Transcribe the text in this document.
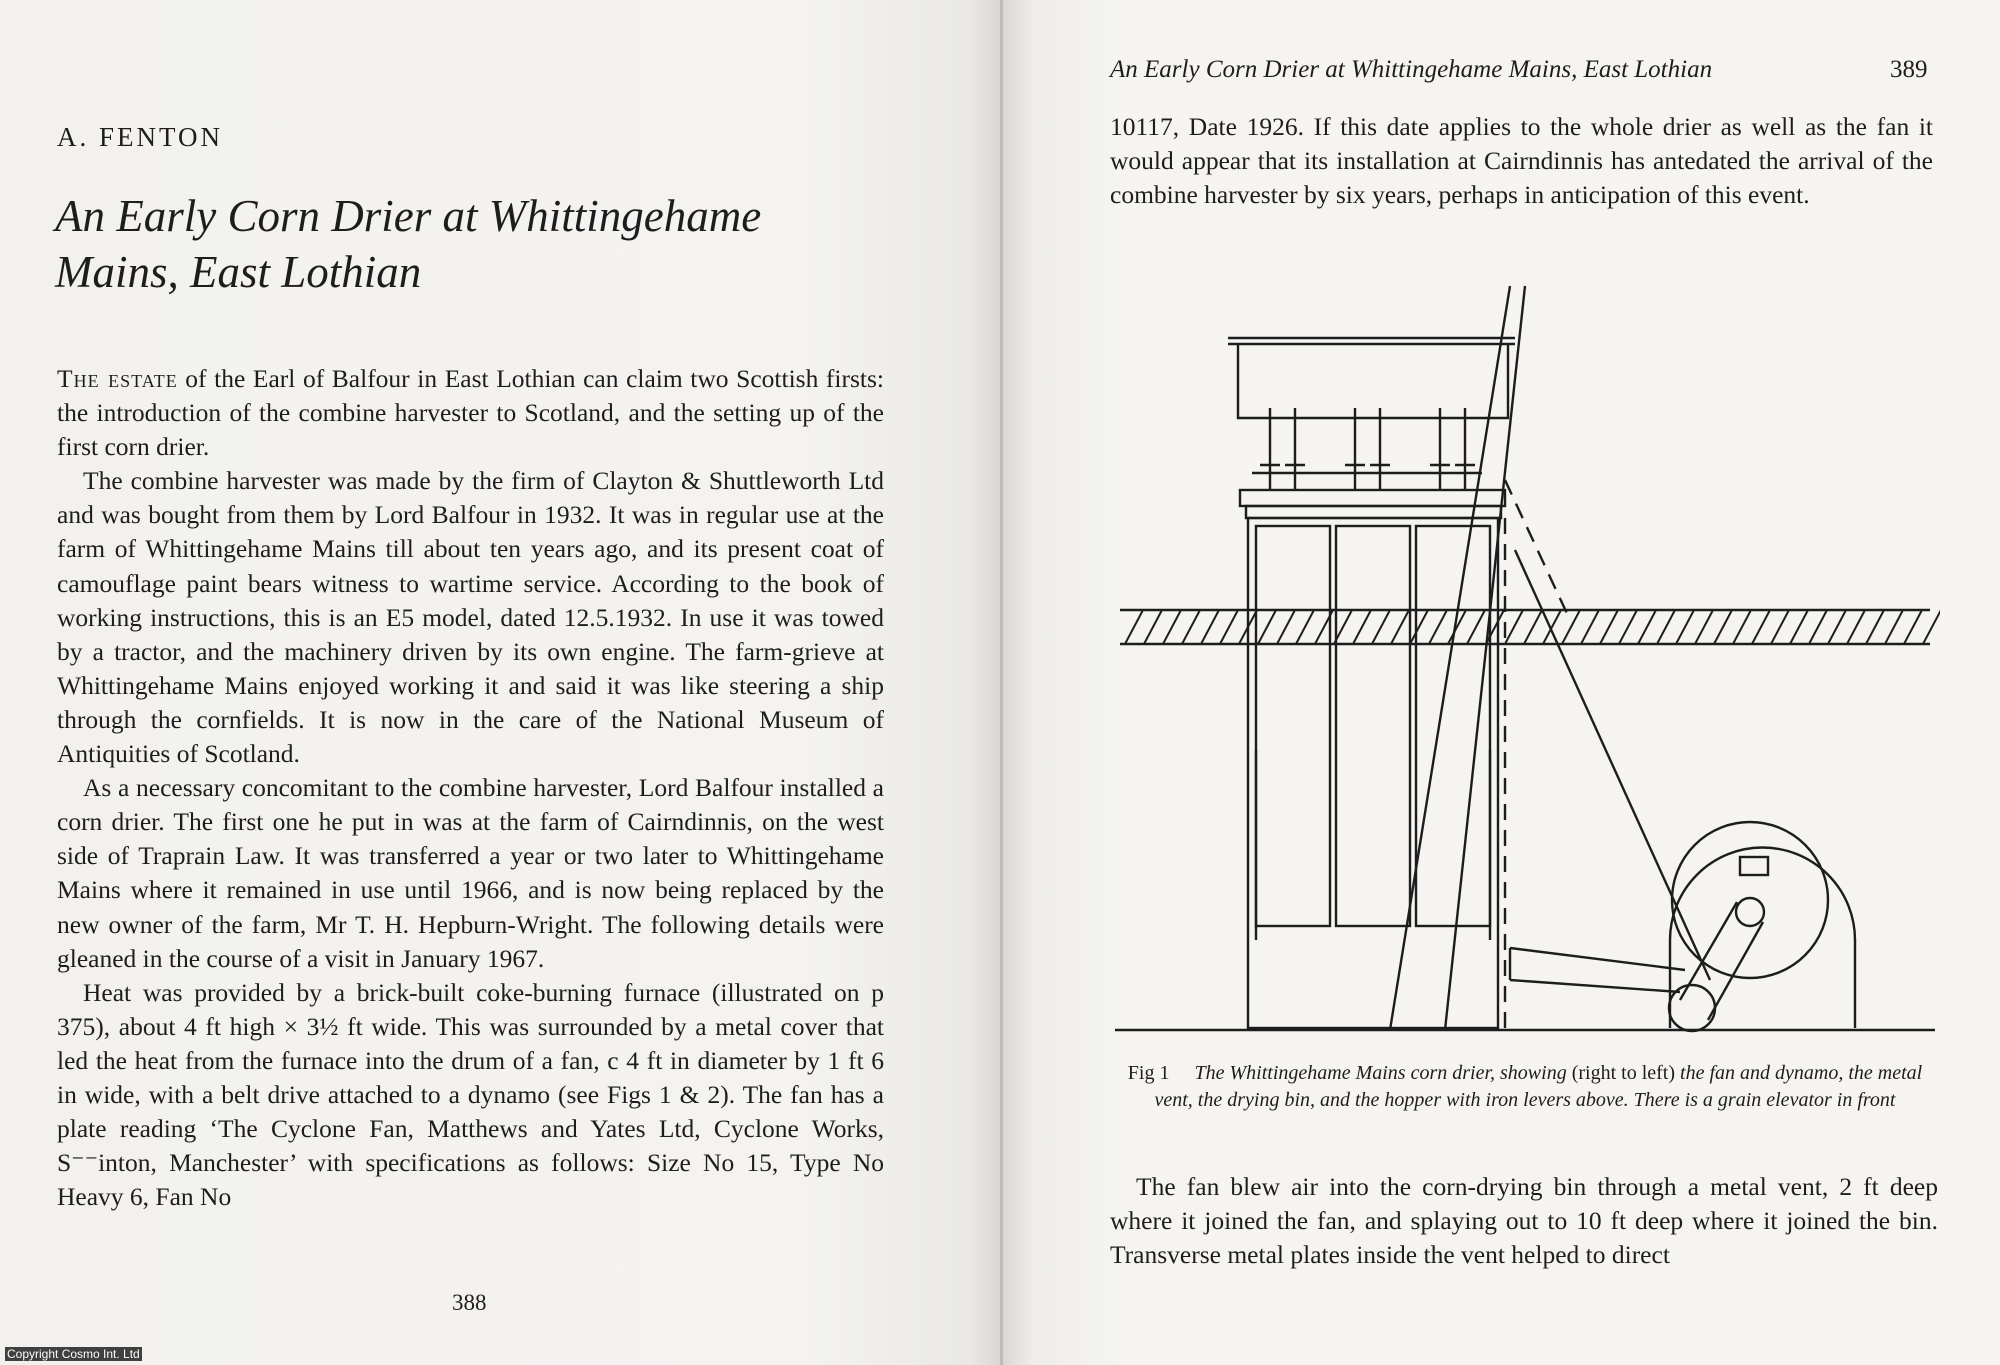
A. FENTON
An Early Corn Drier at Whittingehame Mains, East Lothian

The estate of the Earl of Balfour in East Lothian can claim two Scottish firsts: the introduction of the combine harvester to Scotland, and the setting up of the first corn drier.

The combine harvester was made by the firm of Clayton & Shuttleworth Ltd and was bought from them by Lord Balfour in 1932. It was in regular use at the farm of Whittingehame Mains till about ten years ago, and its present coat of camouflage paint bears witness to wartime service. According to the book of working instructions, this is an E5 model, dated 12.5.1932. In use it was towed by a tractor, and the machinery driven by its own engine. The farm-grieve at Whittingehame Mains enjoyed working it and said it was like steering a ship through the cornfields. It is now in the care of the National Museum of Antiquities of Scotland.

As a necessary concomitant to the combine harvester, Lord Balfour installed a corn drier. The first one he put in was at the farm of Cairndinnis, on the west side of Traprain Law. It was transferred a year or two later to Whittingehame Mains where it remained in use until 1966, and is now being replaced by the new owner of the farm, Mr T. H. Hepburn-Wright. The following details were gleaned in the course of a visit in January 1967.

Heat was provided by a brick-built coke-burning furnace (illustrated on p 375), about 4 ft high × 3½ ft wide. This was surrounded by a metal cover that led the heat from the furnace into the drum of a fan, c 4 ft in diameter by 1 ft 6 in wide, with a belt drive attached to a dynamo (see Figs 1 & 2). The fan has a plate reading ‘The Cyclone Fan, Matthews and Yates Ltd, Cyclone Works, S⁻⁻inton, Manchester’ with specifications as follows: Size No 15, Type No Heavy 6, Fan No

388
Copyright Cosmo Int. Ltd
An Early Corn Drier at Whittingehame Mains, East Lothian	389
10117, Date 1926. If this date applies to the whole drier as well as the fan it would appear that its installation at Cairndinnis has antedated the arrival of the combine harvester by six years, perhaps in anticipation of this event.
Fig 1   The Whittingehame Mains corn drier, showing (right to left) the fan and dynamo, the metal vent, the drying bin, and the hopper with iron levers above. There is a grain elevator in front

The fan blew air into the corn-drying bin through a metal vent, 2 ft deep where it joined the fan, and splaying out to 10 ft deep where it joined the bin. Transverse metal plates inside the vent helped to direct
